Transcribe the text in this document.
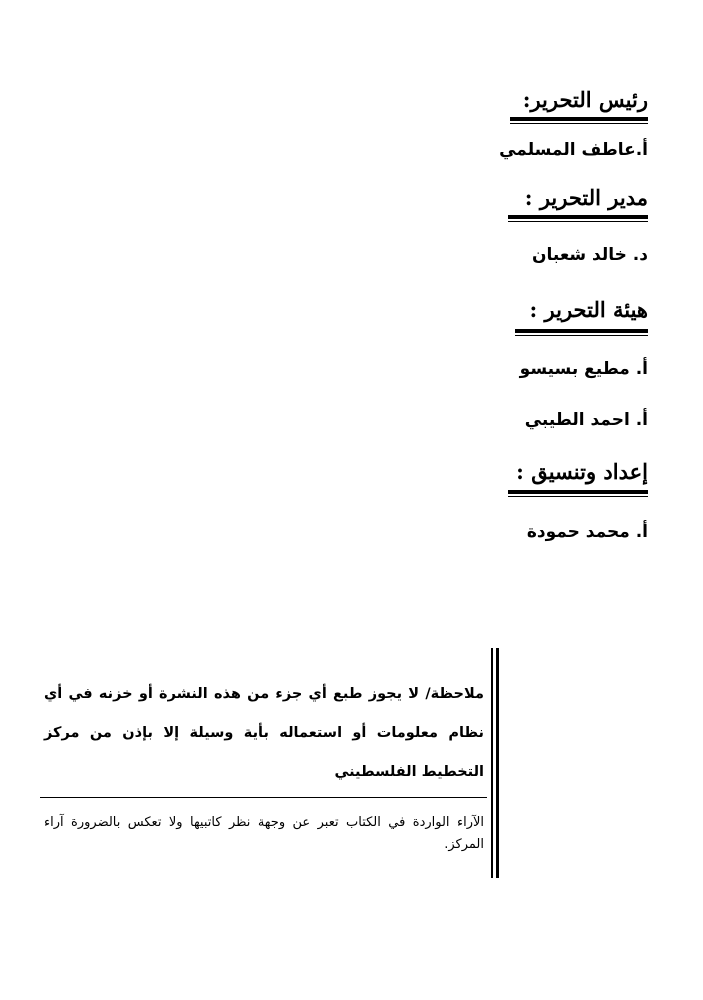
رئيس التحرير:
أ.عاطف المسلمي
مدير التحرير :
د. خالد شعبان
هيئة التحرير :
أ. مطيع بسيسو
أ. احمد الطيبي
إعداد وتنسيق :
أ. محمد حمودة
ملاحظة/ لا يجوز طبع أي جزء من هذه النشرة أو خزنه في أي نظام معلومات أو استعماله بأية وسيلة إلا بإذن من مركز التخطيط الفلسطيني
الآراء الواردة في الكتاب تعبر عن وجهة نظر كاتبيها ولا تعكس بالضرورة آراء المركز.
